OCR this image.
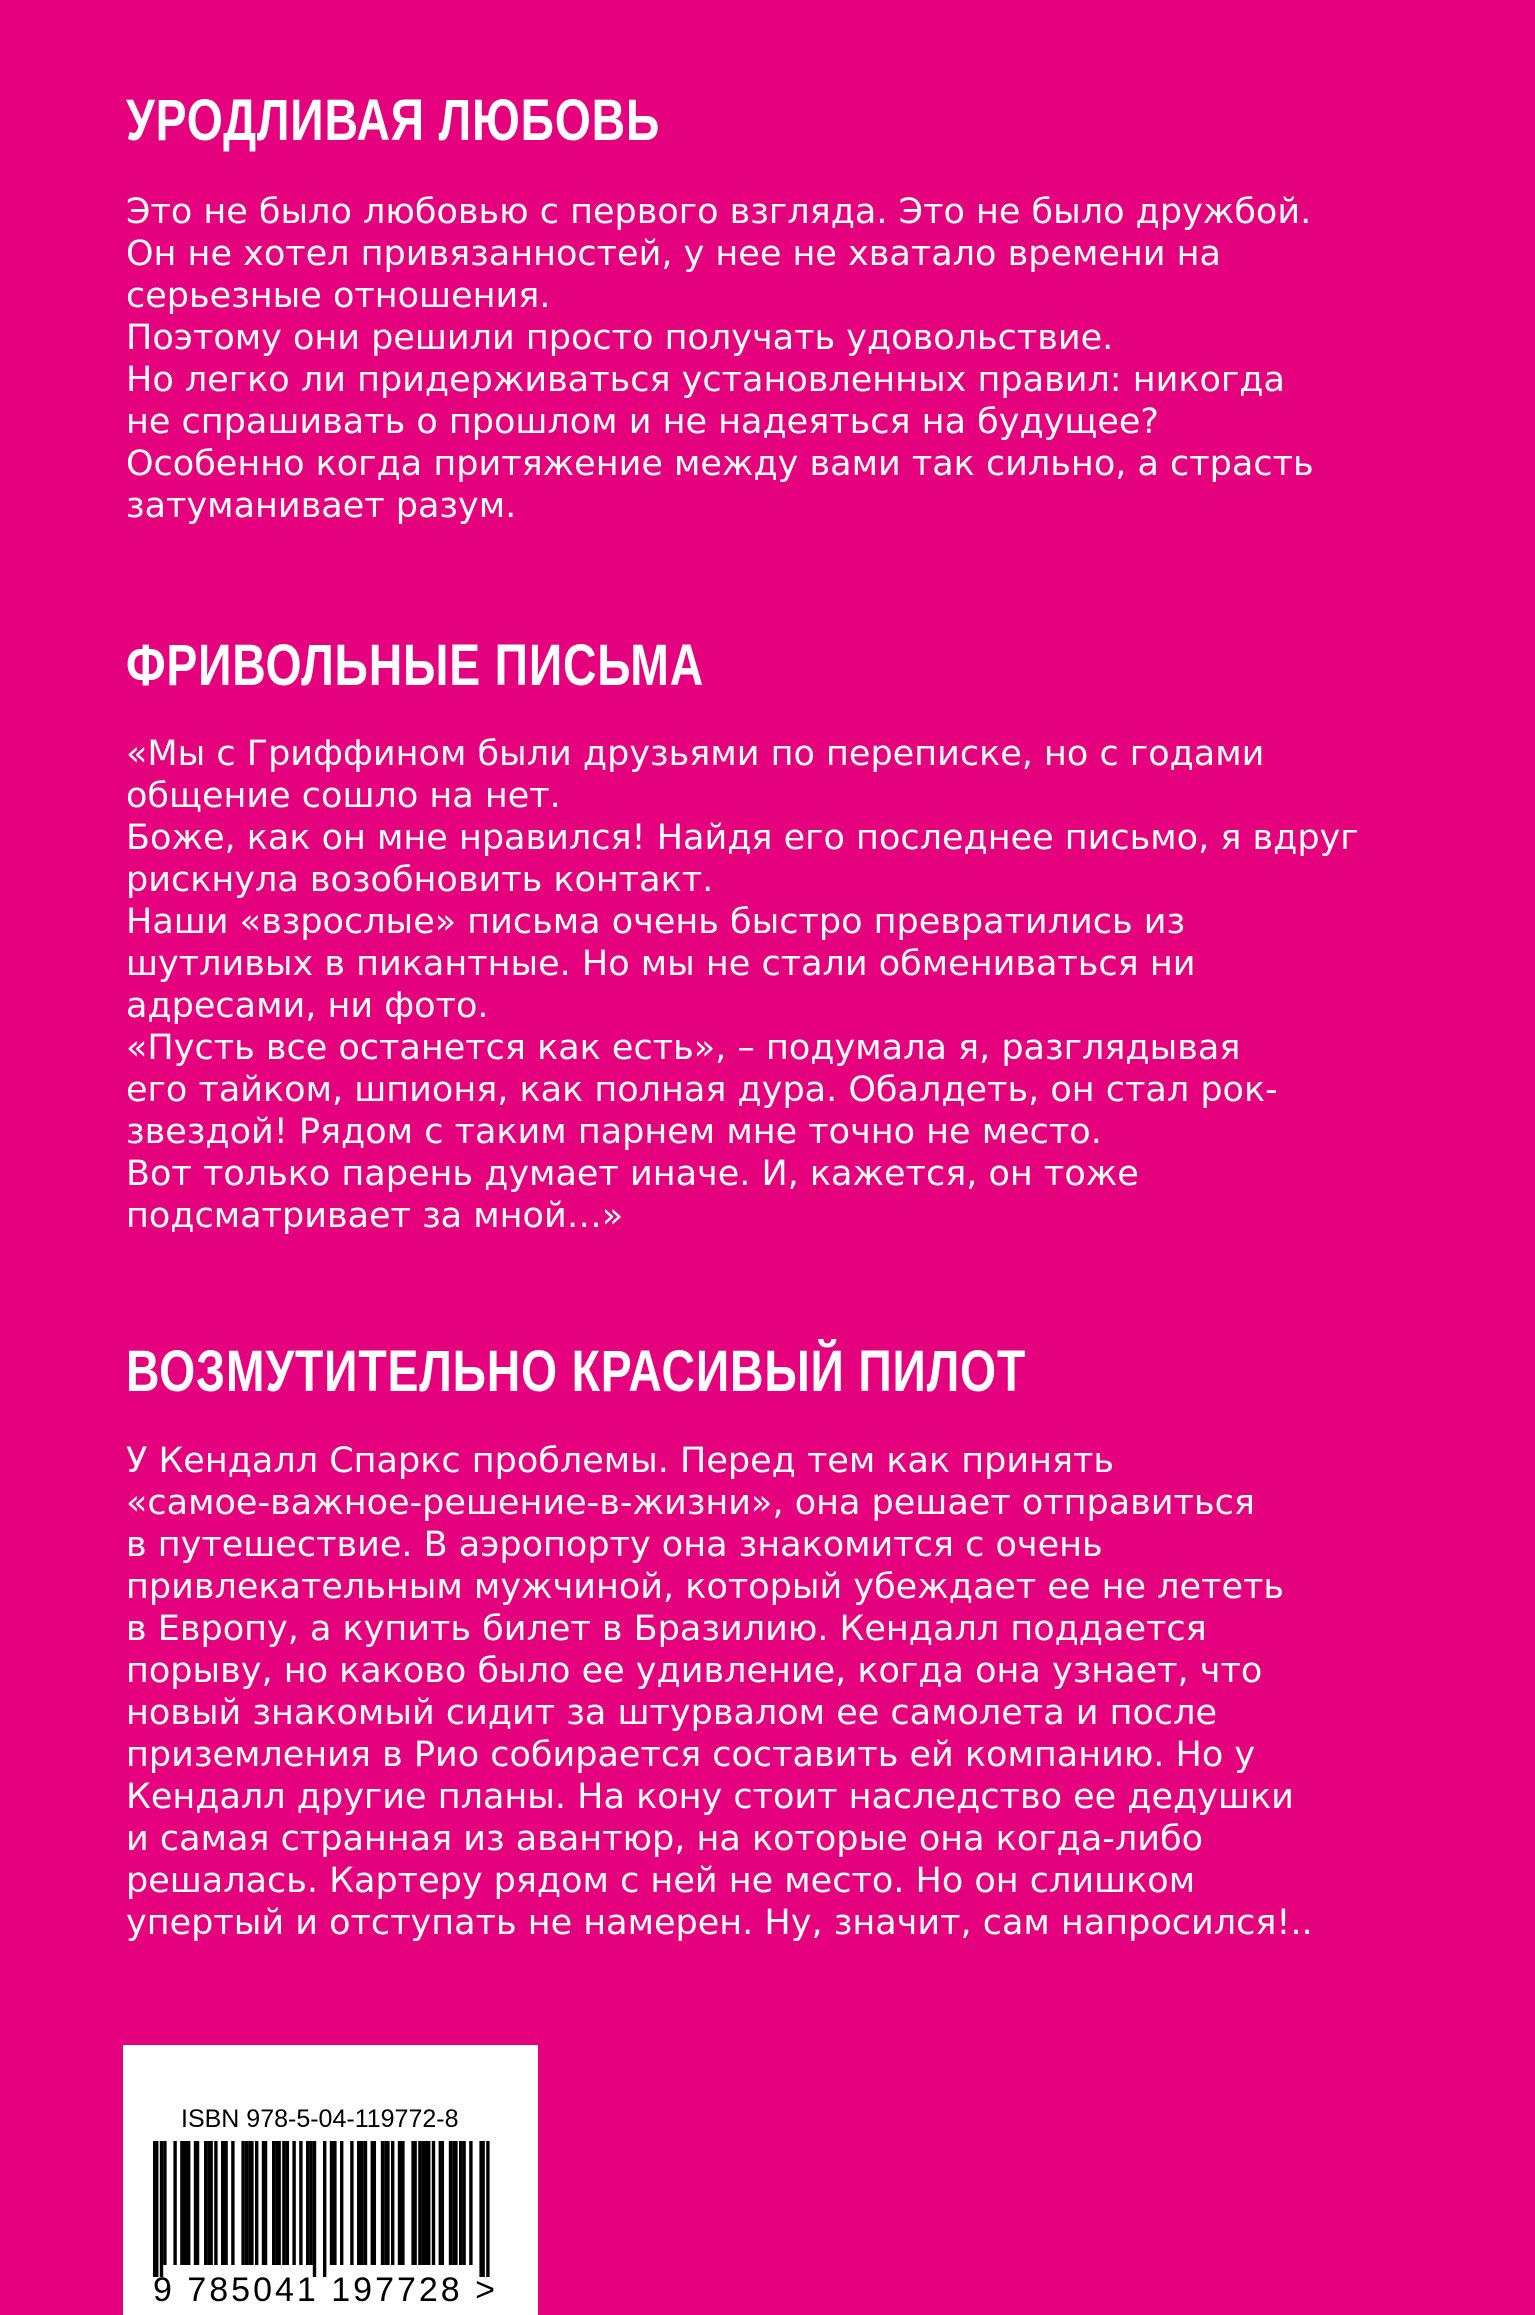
УРОДЛИВАЯ ЛЮБОВЬ
Это не было любовью с первого взгляда. Это не было дружбой.
Он не хотел привязанностей, у нее не хватало времени на
серьезные отношения.
Поэтому они решили просто получать удовольствие.
Но легко ли придерживаться установленных правил: никогда
не спрашивать о прошлом и не надеяться на будущее?
Особенно когда притяжение между вами так сильно, а страсть
затуманивает разум.
ФРИВОЛЬНЫЕ ПИСЬМА
«Мы с Гриффином были друзьями по переписке, но с годами
общение сошло на нет.
Боже, как он мне нравился! Найдя его последнее письмо, я вдруг
рискнула возобновить контакт.
Наши «взрослые» письма очень быстро превратились из
шутливых в пикантные. Но мы не стали обмениваться ни
адресами, ни фото.
«Пусть все останется как есть», – подумала я, разглядывая
его тайком, шпионя, как полная дура. Обалдеть, он стал рок-
звездой! Рядом с таким парнем мне точно не место.
Вот только парень думает иначе. И, кажется, он тоже
подсматривает за мной…»
ВОЗМУТИТЕЛЬНО КРАСИВЫЙ ПИЛОТ
У Кендалл Спаркс проблемы. Перед тем как принять
«самое-важное-решение-в-жизни», она решает отправиться
в путешествие. В аэропорту она знакомится с очень
привлекательным мужчиной, который убеждает ее не лететь
в Европу, а купить билет в Бразилию. Кендалл поддается
порыву, но каково было ее удивление, когда она узнает, что
новый знакомый сидит за штурвалом ее самолета и после
приземления в Рио собирается составить ей компанию. Но у
Кендалл другие планы. На кону стоит наследство ее дедушки
и самая странная из авантюр, на которые она когда-либо
решалась. Картеру рядом с ней не место. Но он слишком
упертый и отступать не намерен. Ну, значит, сам напросился!..
ISBN 978-5-04-119772-8
9 785041 197728 >
